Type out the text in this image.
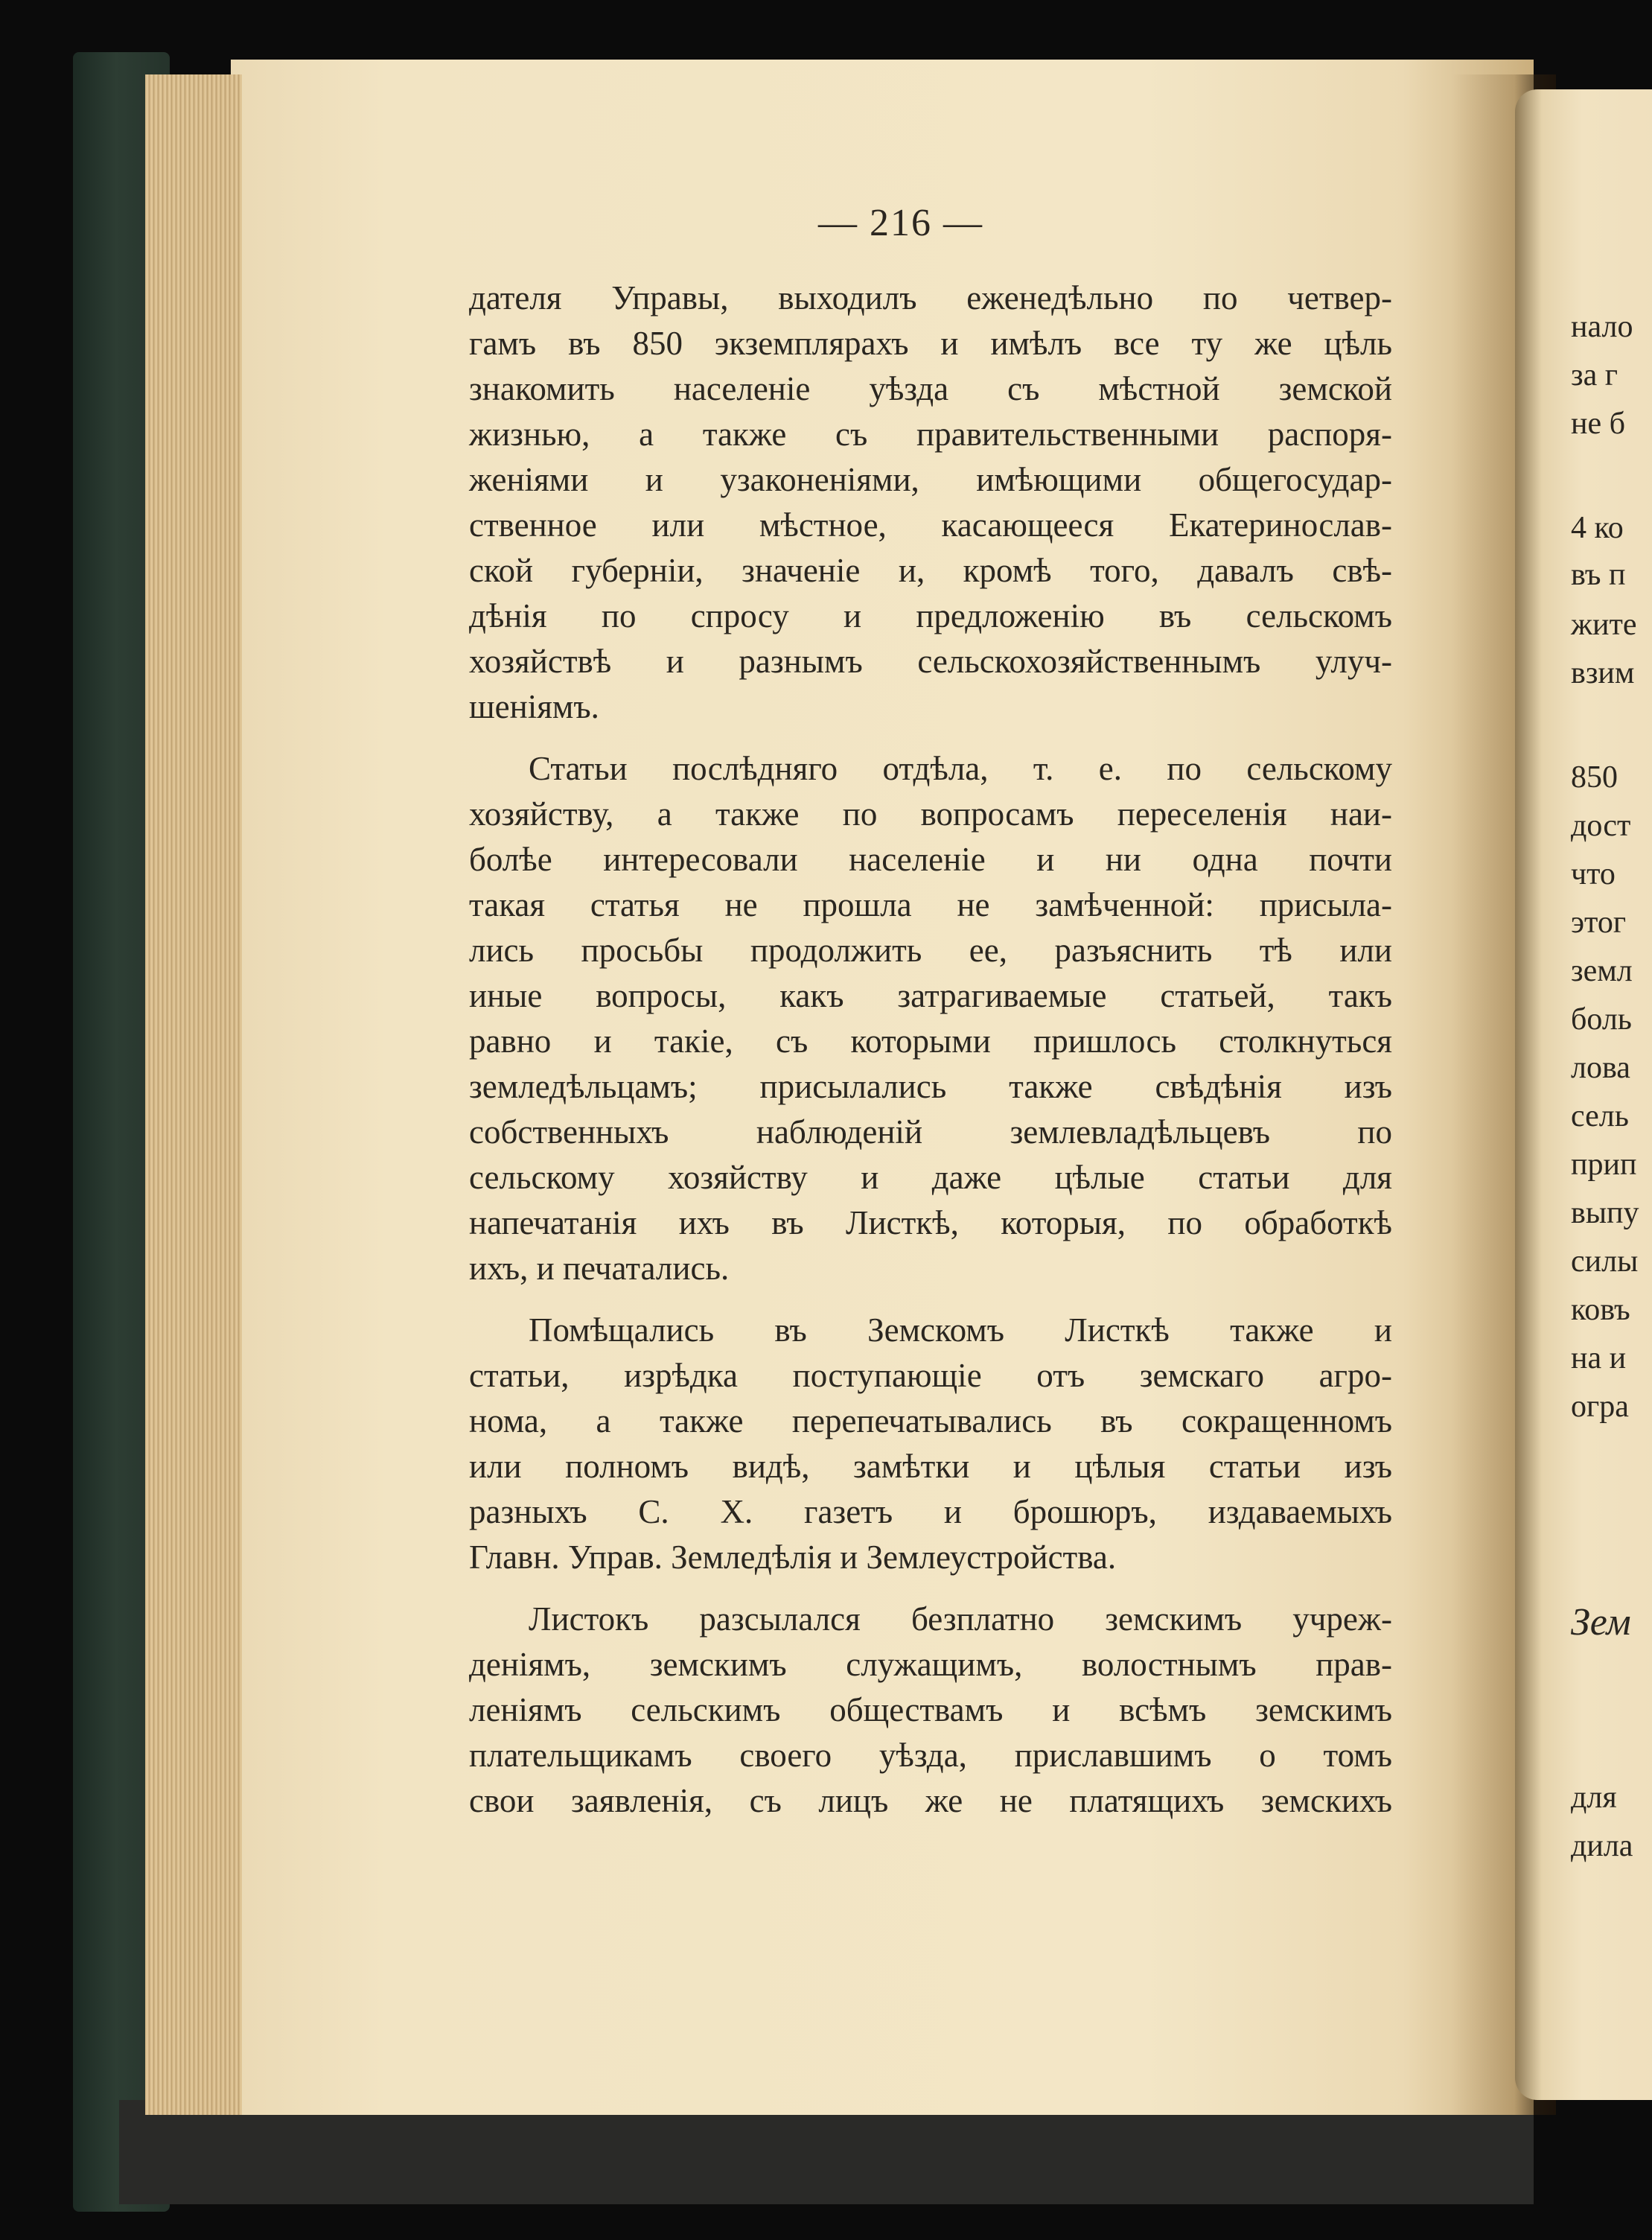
— 216 —
дателя Управы, выходилъ еженедѣльно по четвер-
гамъ въ 850 экземплярахъ и имѣлъ все ту же цѣль
знакомить населеніе уѣзда съ мѣстной земской
жизнью, а также съ правительственными распоря-
женіями и узаконеніями, имѣющими общегосудар-
ственное или мѣстное, касающееся Екатеринослав-
ской губерніи, значеніе и, кромѣ того, давалъ свѣ-
дѣнія по спросу и предложенію въ сельскомъ
хозяйствѣ и разнымъ сельскохозяйственнымъ улуч-
шеніямъ.
Статьи послѣдняго отдѣла, т. е. по сельскому
хозяйству, а также по вопросамъ переселенія наи-
болѣе интересовали населеніе и ни одна почти
такая статья не прошла не замѣченной: присыла-
лись просьбы продолжить ее, разъяснить тѣ или
иные вопросы, какъ затрагиваемые статьей, такъ
равно и такіе, съ которыми пришлось столкнуться
земледѣльцамъ; присылались также свѣдѣнія изъ
собственныхъ наблюденій землевладѣльцевъ по
сельскому хозяйству и даже цѣлые статьи для
напечатанія ихъ въ Листкѣ, которыя, по обработкѣ
ихъ, и печатались.
Помѣщались въ Земскомъ Листкѣ также и
статьи, изрѣдка поступающіе отъ земскаго агро-
нома, а также перепечатывались въ сокращенномъ
или полномъ видѣ, замѣтки и цѣлыя статьи изъ
разныхъ С. Х. газетъ и брошюръ, издаваемыхъ
Главн. Управ. Земледѣлія и Землеустройства.
Листокъ разсылался безплатно земскимъ учреж-
деніямъ, земскимъ служащимъ, волостнымъ прав-
леніямъ сельскимъ обществамъ и всѣмъ земскимъ
плательщикамъ своего уѣзда, приславшимъ о томъ
свои заявленія, съ лицъ же не платящихъ земскихъ
нало
за г
не б
4 ко
въ п
жите
взим
850
дост
что
этог
земл
боль
лова
сель
прип
выпу
силы
ковъ
на и
огра
Зем
для
дила
